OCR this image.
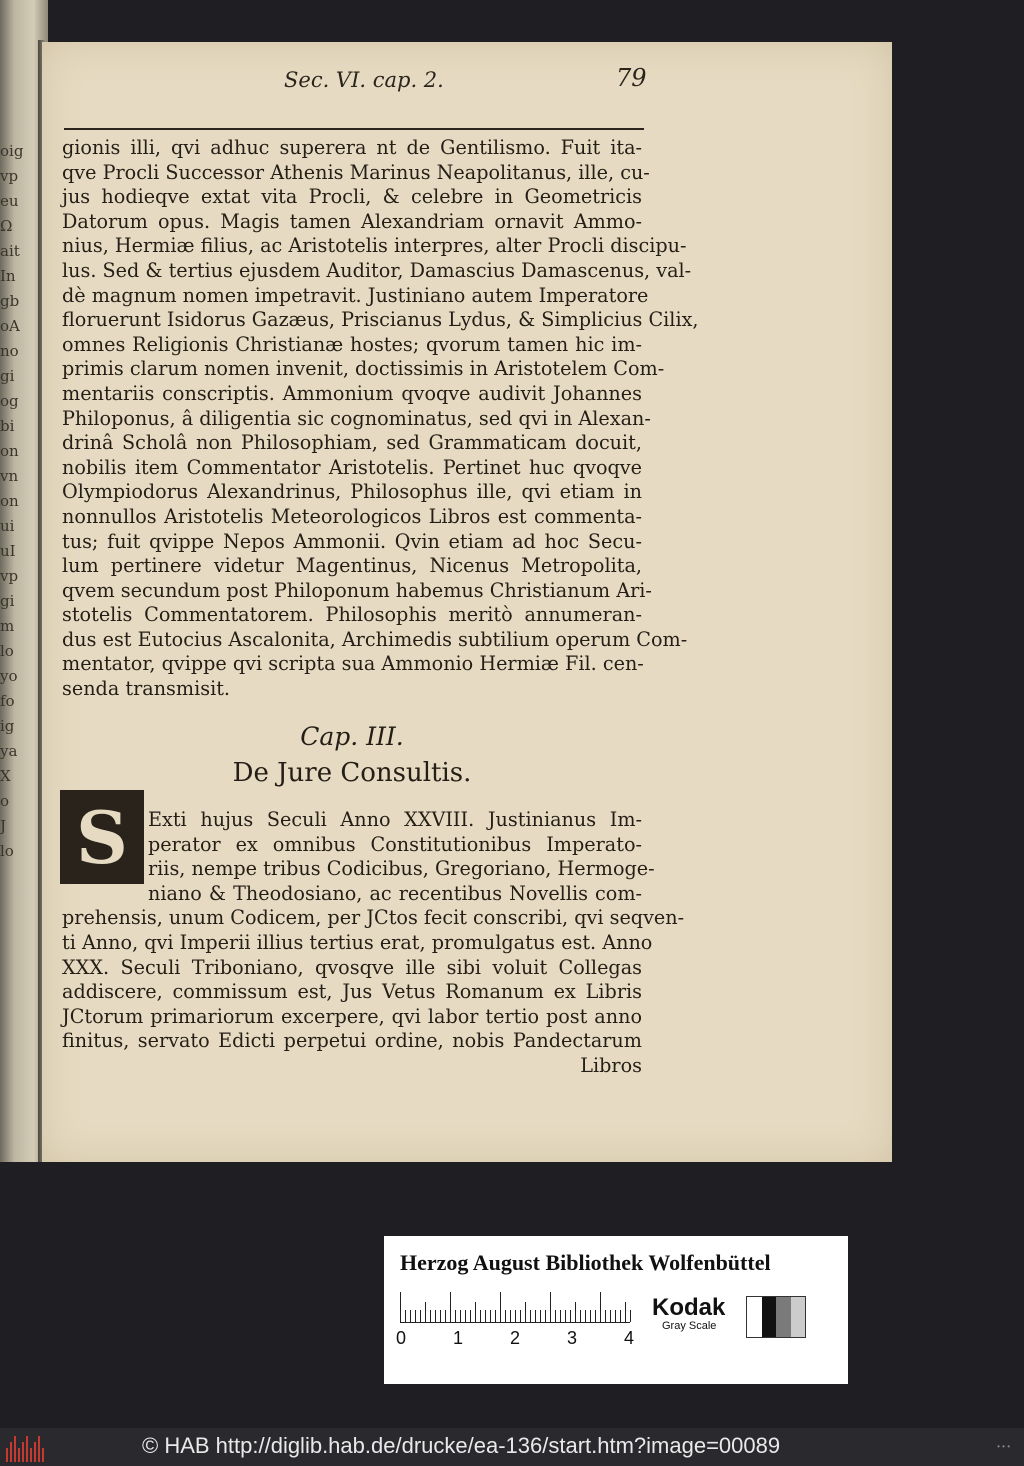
oig
vp
eu
Ω
ait
In
gb
oA
no
gi
og
bi
on
vn
on
ui
uI
vp
gi
m
lo
yo
fo
ig
ya
X
o
J
lo
Sec. VI. cap. 2.	79
gionis illi, qvi adhuc superera nt de Gentilismo. Fuit ita-
qve Procli Successor Athenis Marinus Neapolitanus, ille, cu-
jus hodieqve extat vita Procli, & celebre in Geometricis
Datorum opus. Magis tamen Alexandriam ornavit Ammo-
nius, Hermiæ filius, ac Aristotelis interpres, alter Procli discipu-
lus. Sed & tertius ejusdem Auditor, Damascius Damascenus, val-
dè magnum nomen impetravit. Justiniano autem Imperatore
floruerunt Isidorus Gazæus, Priscianus Lydus, & Simplicius Cilix,
omnes Religionis Christianæ hostes; qvorum tamen hic im-
primis clarum nomen invenit, doctissimis in Aristotelem Com-
mentariis conscriptis. Ammonium qvoqve audivit Johannes
Philoponus, â diligentia sic cognominatus, sed qvi in Alexan-
drinâ Scholâ non Philosophiam, sed Grammaticam docuit,
nobilis item Commentator Aristotelis. Pertinet huc qvoqve
Olympiodorus Alexandrinus, Philosophus ille, qvi etiam in
nonnullos Aristotelis Meteorologicos Libros est commenta-
tus; fuit qvippe Nepos Ammonii. Qvin etiam ad hoc Secu-
lum pertinere videtur Magentinus, Nicenus Metropolita,
qvem secundum post Philoponum habemus Christianum Ari-
stotelis Commentatorem. Philosophis meritò annumeran-
dus est Eutocius Ascalonita, Archimedis subtilium operum Com-
mentator, qvippe qvi scripta sua Ammonio Hermiæ Fil. cen-
senda transmisit.
Cap. III.
De Jure Consultis.
S	Exti hujus Seculi Anno XXVIII. Justinianus Im-
perator ex omnibus Constitutionibus Imperato-
riis, nempe tribus Codicibus, Gregoriano, Hermoge-
niano & Theodosiano, ac recentibus Novellis com-
prehensis, unum Codicem, per JCtos fecit conscribi, qvi seqven-
ti Anno, qvi Imperii illius tertius erat, promulgatus est. Anno
XXX. Seculi Triboniano, qvosqve ille sibi voluit Collegas
addiscere, commissum est, Jus Vetus Romanum ex Libris
JCtorum primariorum excerpere, qvi labor tertio post anno
finitus, servato Edicti perpetui ordine, nobis Pandectarum
Libros
Herzog August Bibliothek Wolfenbüttel
0	1	2	3	4
Kodak
Gray Scale
© HAB http://diglib.hab.de/drucke/ea-136/start.htm?image=00089	• • •
